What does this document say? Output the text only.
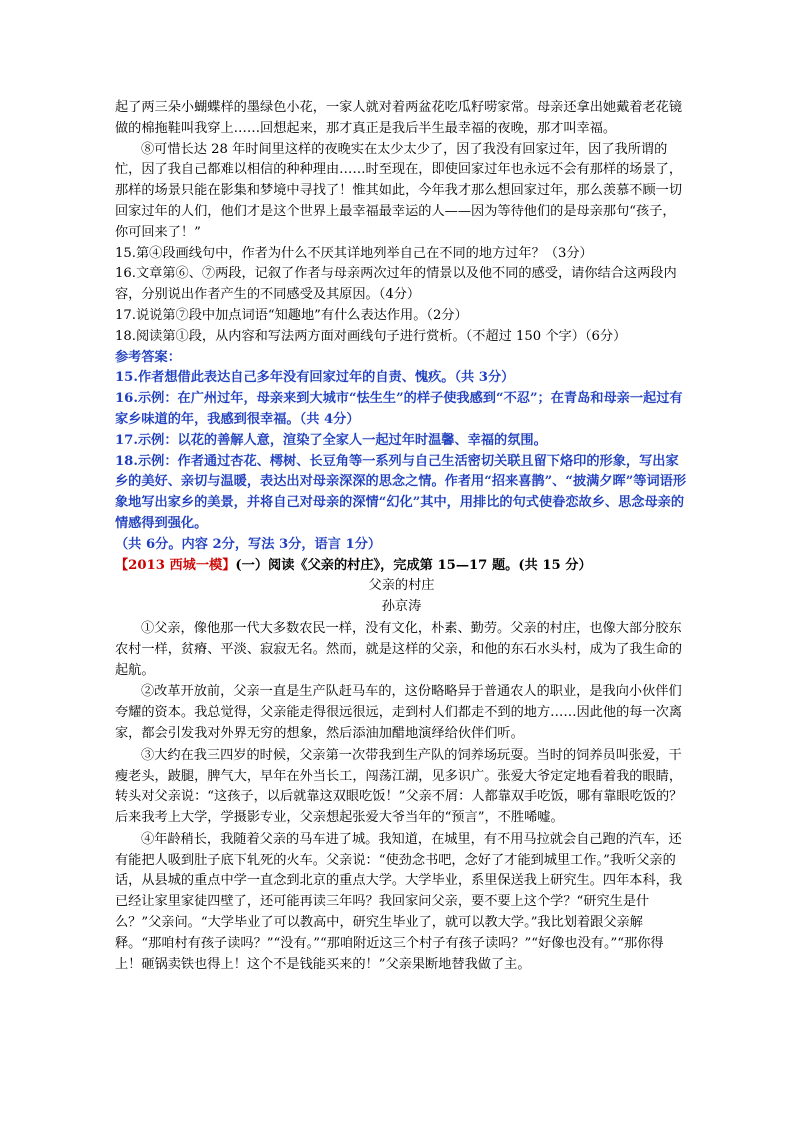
起了两三朵小蝴蝶样的墨绿色小花，一家人就对着两盆花吃瓜籽唠家常。母亲还拿出她戴着老花镜做的棉拖鞋叫我穿上……回想起来，那才真正是我后半生最幸福的夜晚，那才叫幸福。

⑧可惜长达 28 年时间里这样的夜晚实在太少太少了，因了我没有回家过年，因了我所谓的忙，因了我自己都难以相信的种种理由……时至现在，即使回家过年也永远不会有那样的场景了，那样的场景只能在影集和梦境中寻找了！惟其如此，今年我才那么想回家过年，那么羡慕不顾一切回家过年的人们，他们才是这个世界上最幸福最幸运的人——因为等待他们的是母亲那句“孩子，你可回来了！”

15.第④段画线句中，作者为什么不厌其详地列举自己在不同的地方过年？（3分）

16.文章第⑥、⑦两段，记叙了作者与母亲两次过年的情景以及他不同的感受，请你结合这两段内容，分别说出作者产生的不同感受及其原因。（4分）

17.说说第⑦段中加点词语“知趣地”有什么表达作用。（2分）

18.阅读第①段，从内容和写法两方面对画线句子进行赏析。（不超过 150 个字）（6分）

参考答案：

15.作者想借此表达自己多年没有回家过年的自责、愧疚。（共 3分）

16.示例：在广州过年，母亲来到大城市“怯生生”的样子使我感到“不忍”；在青岛和母亲一起过有家乡味道的年，我感到很幸福。（共 4分）

17.示例：以花的善解人意，渲染了全家人一起过年时温馨、幸福的氛围。

18.示例：作者通过杏花、樗树、长豆角等一系列与自己生活密切关联且留下烙印的形象，写出家乡的美好、亲切与温暖，表达出对母亲深深的思念之情。作者用“招来喜鹊”、“披满夕晖”等词语形象地写出家乡的美景，并将自己对母亲的深情“幻化”其中，用排比的句式使眷恋故乡、思念母亲的情感得到强化。

（共 6分。内容 2分，写法 3分，语言 1分）

【2013 西城一模】(一）阅读《父亲的村庄》，完成第 15—17 题。(共 15 分）

父亲的村庄

孙京涛

①父亲，像他那一代大多数农民一样，没有文化，朴素、勤劳。父亲的村庄，也像大部分胶东农村一样，贫瘠、平淡、寂寂无名。然而，就是这样的父亲，和他的东石水头村，成为了我生命的起航。

②改革开放前，父亲一直是生产队赶马车的，这份略略异于普通农人的职业，是我向小伙伴们夸耀的资本。我总觉得，父亲能走得很远很远，走到村人们都走不到的地方……因此他的每一次离家，都会引发我对外界无穷的想象，然后添油加醋地演绎给伙伴们听。

③大约在我三四岁的时候，父亲第一次带我到生产队的饲养场玩耍。当时的饲养员叫张爱，干瘦老头，跛腿，脾气大，早年在外当长工，闯荡江湖，见多识广。张爱大爷定定地看着我的眼睛，转头对父亲说：“这孩子，以后就靠这双眼吃饭！”父亲不屑：人都靠双手吃饭，哪有靠眼吃饭的？后来我考上大学，学摄影专业，父亲想起张爱大爷当年的“预言”，不胜唏嘘。

④年龄稍长，我随着父亲的马车进了城。我知道，在城里，有不用马拉就会自己跑的汽车，还有能把人吸到肚子底下轧死的火车。父亲说：“使劲念书吧，念好了才能到城里工作。”我听父亲的话，从县城的重点中学一直念到北京的重点大学。大学毕业，系里保送我上研究生。四年本科，我已经让家里家徒四壁了，还可能再读三年吗？我回家问父亲，要不要上这个学？“研究生是什么？”父亲问。“大学毕业了可以教高中，研究生毕业了，就可以教大学。”我比划着跟父亲解释。“那咱村有孩子读吗？”“没有。”“那咱附近这三个村子有孩子读吗？”“好像也没有。”“那你得上！砸锅卖铁也得上！这个不是钱能买来的！”父亲果断地替我做了主。
